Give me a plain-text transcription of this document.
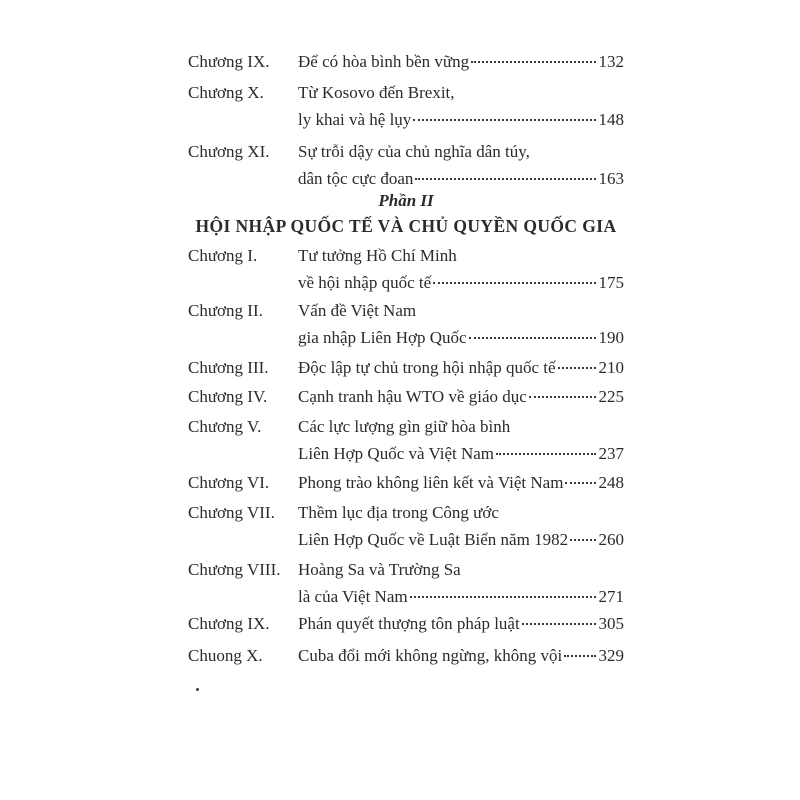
Chương IX. Để có hòa bình bền vững	132
Chương X. Từ Kosovo đến Brexit,
ly khai và hệ lụy	148
Chương XI. Sự trỗi dậy của chủ nghĩa dân túy,
dân tộc cực đoan	163
Chương I. Tư tưởng Hồ Chí Minh
về hội nhập quốc tế	175
Chương II. Vấn đề Việt Nam
gia nhập Liên Hợp Quốc	190
Chương III. Độc lập tự chủ trong hội nhập quốc tế	210
Chương IV. Cạnh tranh hậu WTO về giáo dục	225
Chương V. Các lực lượng gìn giữ hòa bình
Liên Hợp Quốc và Việt Nam	237
Chương VI. Phong trào không liên kết và Việt Nam 248
Chương VII. Thềm lục địa trong Công ước
Liên Hợp Quốc về Luật Biển năm 1982 260
Chương VIII. Hoàng Sa và Trường Sa
là của Việt Nam	271
Chương IX. Phán quyết thượng tôn pháp luật	305
Chuong X. Cuba đổi mới không ngừng, không vội 329
Phần II
HỘI NHẬP QUỐC TẾ VÀ CHỦ QUYỀN QUỐC GIA
